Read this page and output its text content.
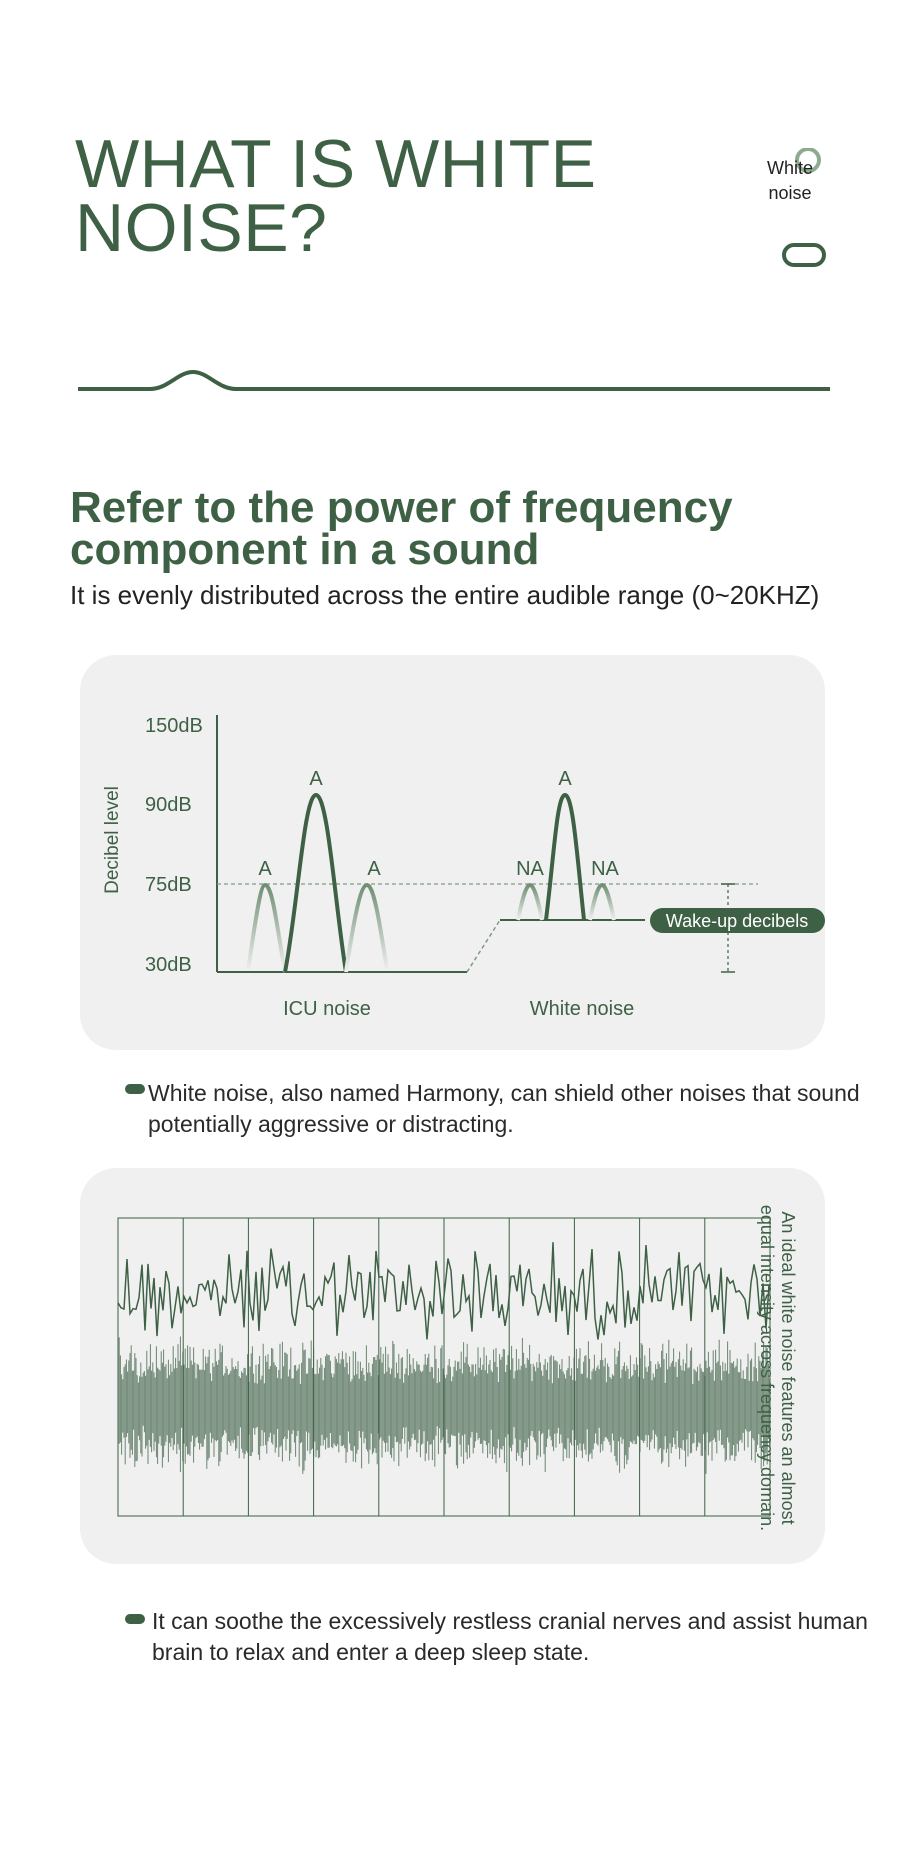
WHAT IS WHITE
NOISE?
White
noise
Refer to the power of frequency
component in a sound
It is evenly distributed across the entire audible range (0~20KHZ)
Decibel level
150dB
90dB
75dB
30dB
A
A
A	NA
A
NA
ICU noise	White noise
Wake-up decibels
White noise, also named Harmony, can shield other noises that sound potentially aggressive or distracting.
An ideal white noise features an almost
equal intensity across frequency domain.
It can soothe the excessively restless cranial nerves and assist human brain to relax and enter a deep sleep state.
